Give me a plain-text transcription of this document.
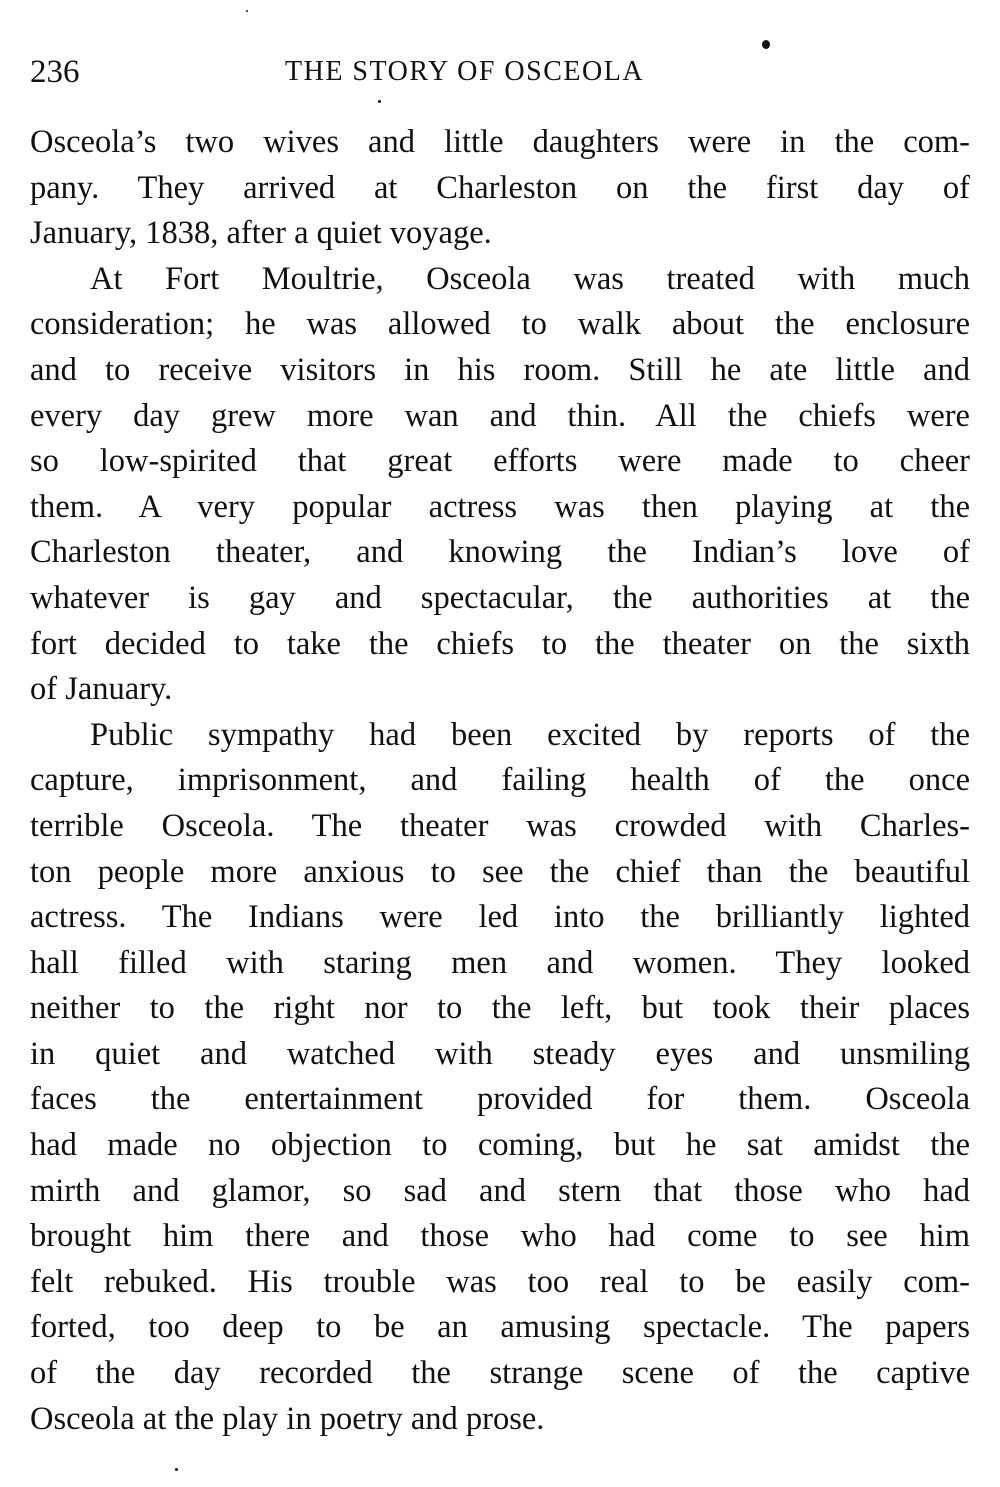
236	THE STORY OF OSCEOLA
Osceola’s two wives and little daughters were in the com-
pany. They arrived at Charleston on the first day of
January, 1838, after a quiet voyage.
At Fort Moultrie, Osceola was treated with much
consideration; he was allowed to walk about the enclosure
and to receive visitors in his room. Still he ate little and
every day grew more wan and thin. All the chiefs were
so low-spirited that great efforts were made to cheer
them. A very popular actress was then playing at the
Charleston theater, and knowing the Indian’s love of
whatever is gay and spectacular, the authorities at the
fort decided to take the chiefs to the theater on the sixth
of January.
Public sympathy had been excited by reports of the
capture, imprisonment, and failing health of the once
terrible Osceola. The theater was crowded with Charles-
ton people more anxious to see the chief than the beautiful
actress. The Indians were led into the brilliantly lighted
hall filled with staring men and women. They looked
neither to the right nor to the left, but took their places
in quiet and watched with steady eyes and unsmiling
faces the entertainment provided for them. Osceola
had made no objection to coming, but he sat amidst the
mirth and glamor, so sad and stern that those who had
brought him there and those who had come to see him
felt rebuked. His trouble was too real to be easily com-
forted, too deep to be an amusing spectacle. The papers
of the day recorded the strange scene of the captive
Osceola at the play in poetry and prose.
